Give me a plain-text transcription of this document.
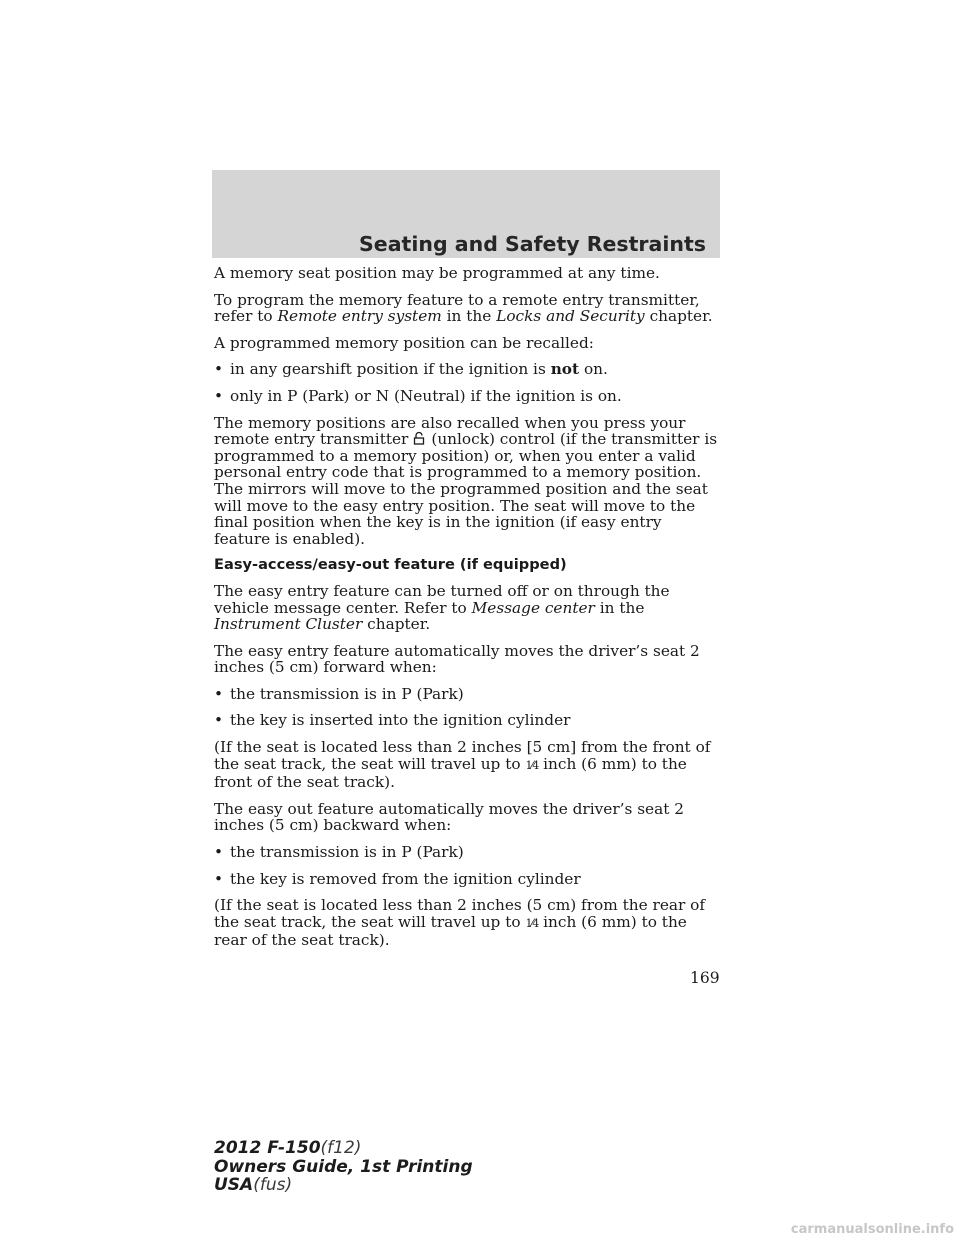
Seating and Safety Restraints

A memory seat position may be programmed at any time.

To program the memory feature to a remote entry transmitter, refer to Remote entry system in the Locks and Security chapter.

A programmed memory position can be recalled:

• in any gearshift position if the ignition is not on.

• only in P (Park) or N (Neutral) if the ignition is on.

The memory positions are also recalled when you press your remote entry transmitter (unlock) control (if the transmitter is programmed to a memory position) or, when you enter a valid personal entry code that is programmed to a memory position. The mirrors will move to the programmed position and the seat will move to the easy entry position. The seat will move to the final position when the key is in the ignition (if easy entry feature is enabled).

Easy-access/easy-out feature (if equipped)

The easy entry feature can be turned off or on through the vehicle message center. Refer to Message center in the Instrument Cluster chapter.

The easy entry feature automatically moves the driver’s seat 2 inches (5 cm) forward when:

• the transmission is in P (Park)

• the key is inserted into the ignition cylinder

(If the seat is located less than 2 inches [5 cm] from the front of the seat track, the seat will travel up to 1⁄4 inch (6 mm) to the front of the seat track).

The easy out feature automatically moves the driver’s seat 2 inches (5 cm) backward when:

• the transmission is in P (Park)

• the key is removed from the ignition cylinder

(If the seat is located less than 2 inches (5 cm) from the rear of the seat track, the seat will travel up to 1⁄4 inch (6 mm) to the rear of the seat track).

169
2012 F-150(f12)
Owners Guide, 1st Printing
USA(fus)
carmanualsonline.info
